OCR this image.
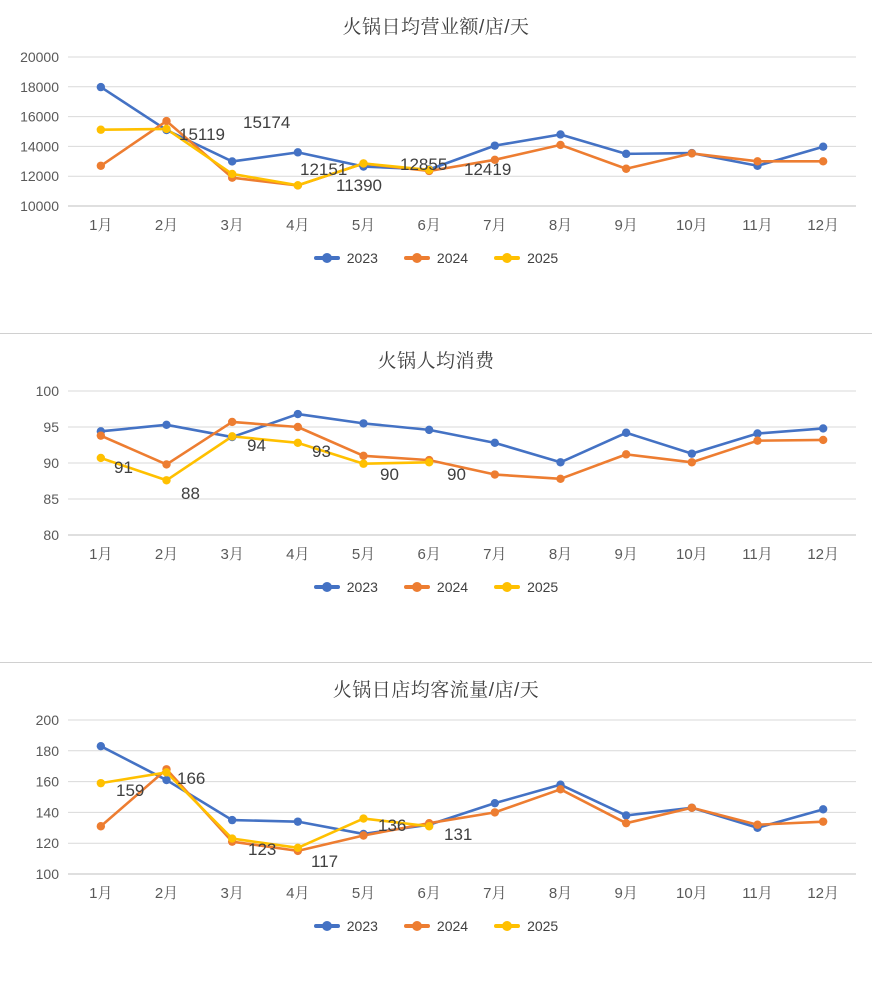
火锅日均营业额/店/天
10000
12000
14000
16000
18000
20000
1月	2月	3月	4月	5月	6月	7月	8月	9月	10月 11月 12月
15119
15174
12151
11390
12855 12419
2023	2024	2025
火锅人均消费
80
85
90
95
100
1月	2月	3月	4月	5月	6月	7月	8月	9月	10月 11月 12月
91
88
94	93
90	90
2023	2024	2025
火锅日店均客流量/店/天
100
120
140
160
180
200
1月	2月	3月	4月	5月	6月	7月	8月	9月	10月 11月 12月
159
166
123
117
136 131
2023	2024	2025
